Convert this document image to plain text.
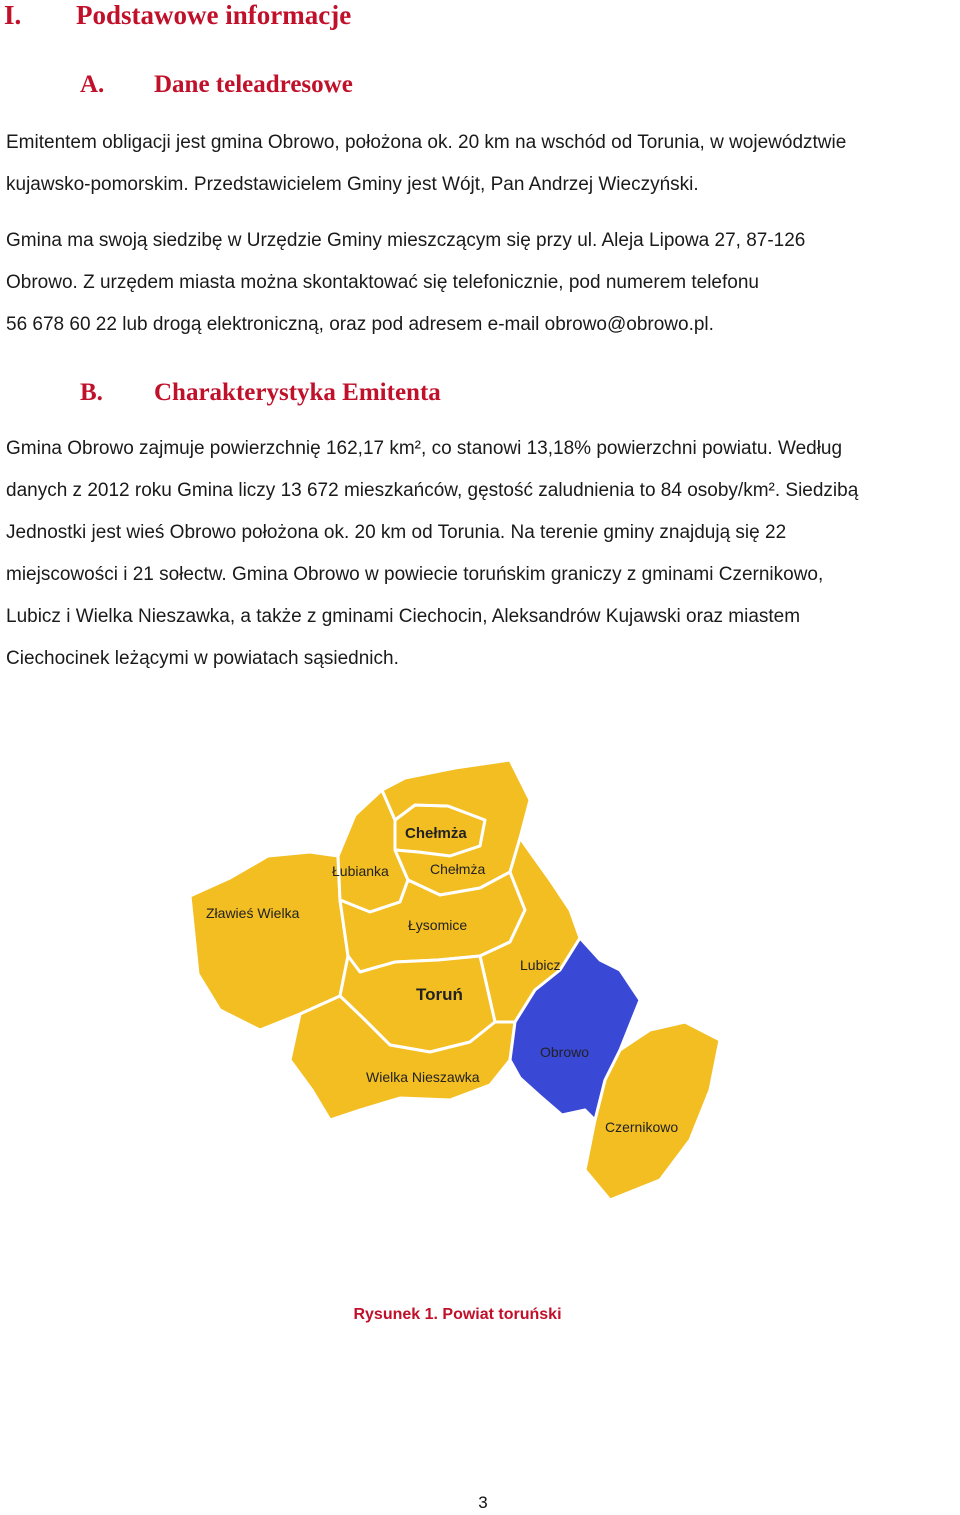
I. Podstawowe informacje
A. Dane teleadresowe
Emitentem obligacji jest gmina Obrowo, położona ok. 20 km na wschód od Torunia, w województwie
kujawsko-pomorskim. Przedstawicielem Gminy jest Wójt, Pan Andrzej Wieczyński.
Gmina ma swoją siedzibę w Urzędzie Gminy mieszczącym się przy ul. Aleja Lipowa 27, 87-126
Obrowo. Z urzędem miasta można skontaktować się telefonicznie, pod numerem telefonu
56 678 60 22 lub drogą elektroniczną, oraz pod adresem e-mail obrowo@obrowo.pl.
B. Charakterystyka Emitenta
Gmina Obrowo zajmuje powierzchnię 162,17 km², co stanowi 13,18% powierzchni powiatu. Według
danych z 2012 roku Gmina liczy 13 672 mieszkańców, gęstość zaludnienia to 84 osoby/km². Siedzibą
Jednostki jest wieś Obrowo położona ok. 20 km od Torunia. Na terenie gminy znajdują się 22
miejscowości i 21 sołectw. Gmina Obrowo w powiecie toruńskim graniczy z gminami Czernikowo,
Lubicz i Wielka Nieszawka, a także z gminami Ciechocin, Aleksandrów Kujawski oraz miastem
Ciechocinek leżącymi w powiatach sąsiednich.
Chełmża
Chełmża
Łubianka
Zławieś Wielka
Łysomice
Lubicz
Toruń
Obrowo
Wielka Nieszawka
Czernikowo
Rysunek 1. Powiat toruński
3
